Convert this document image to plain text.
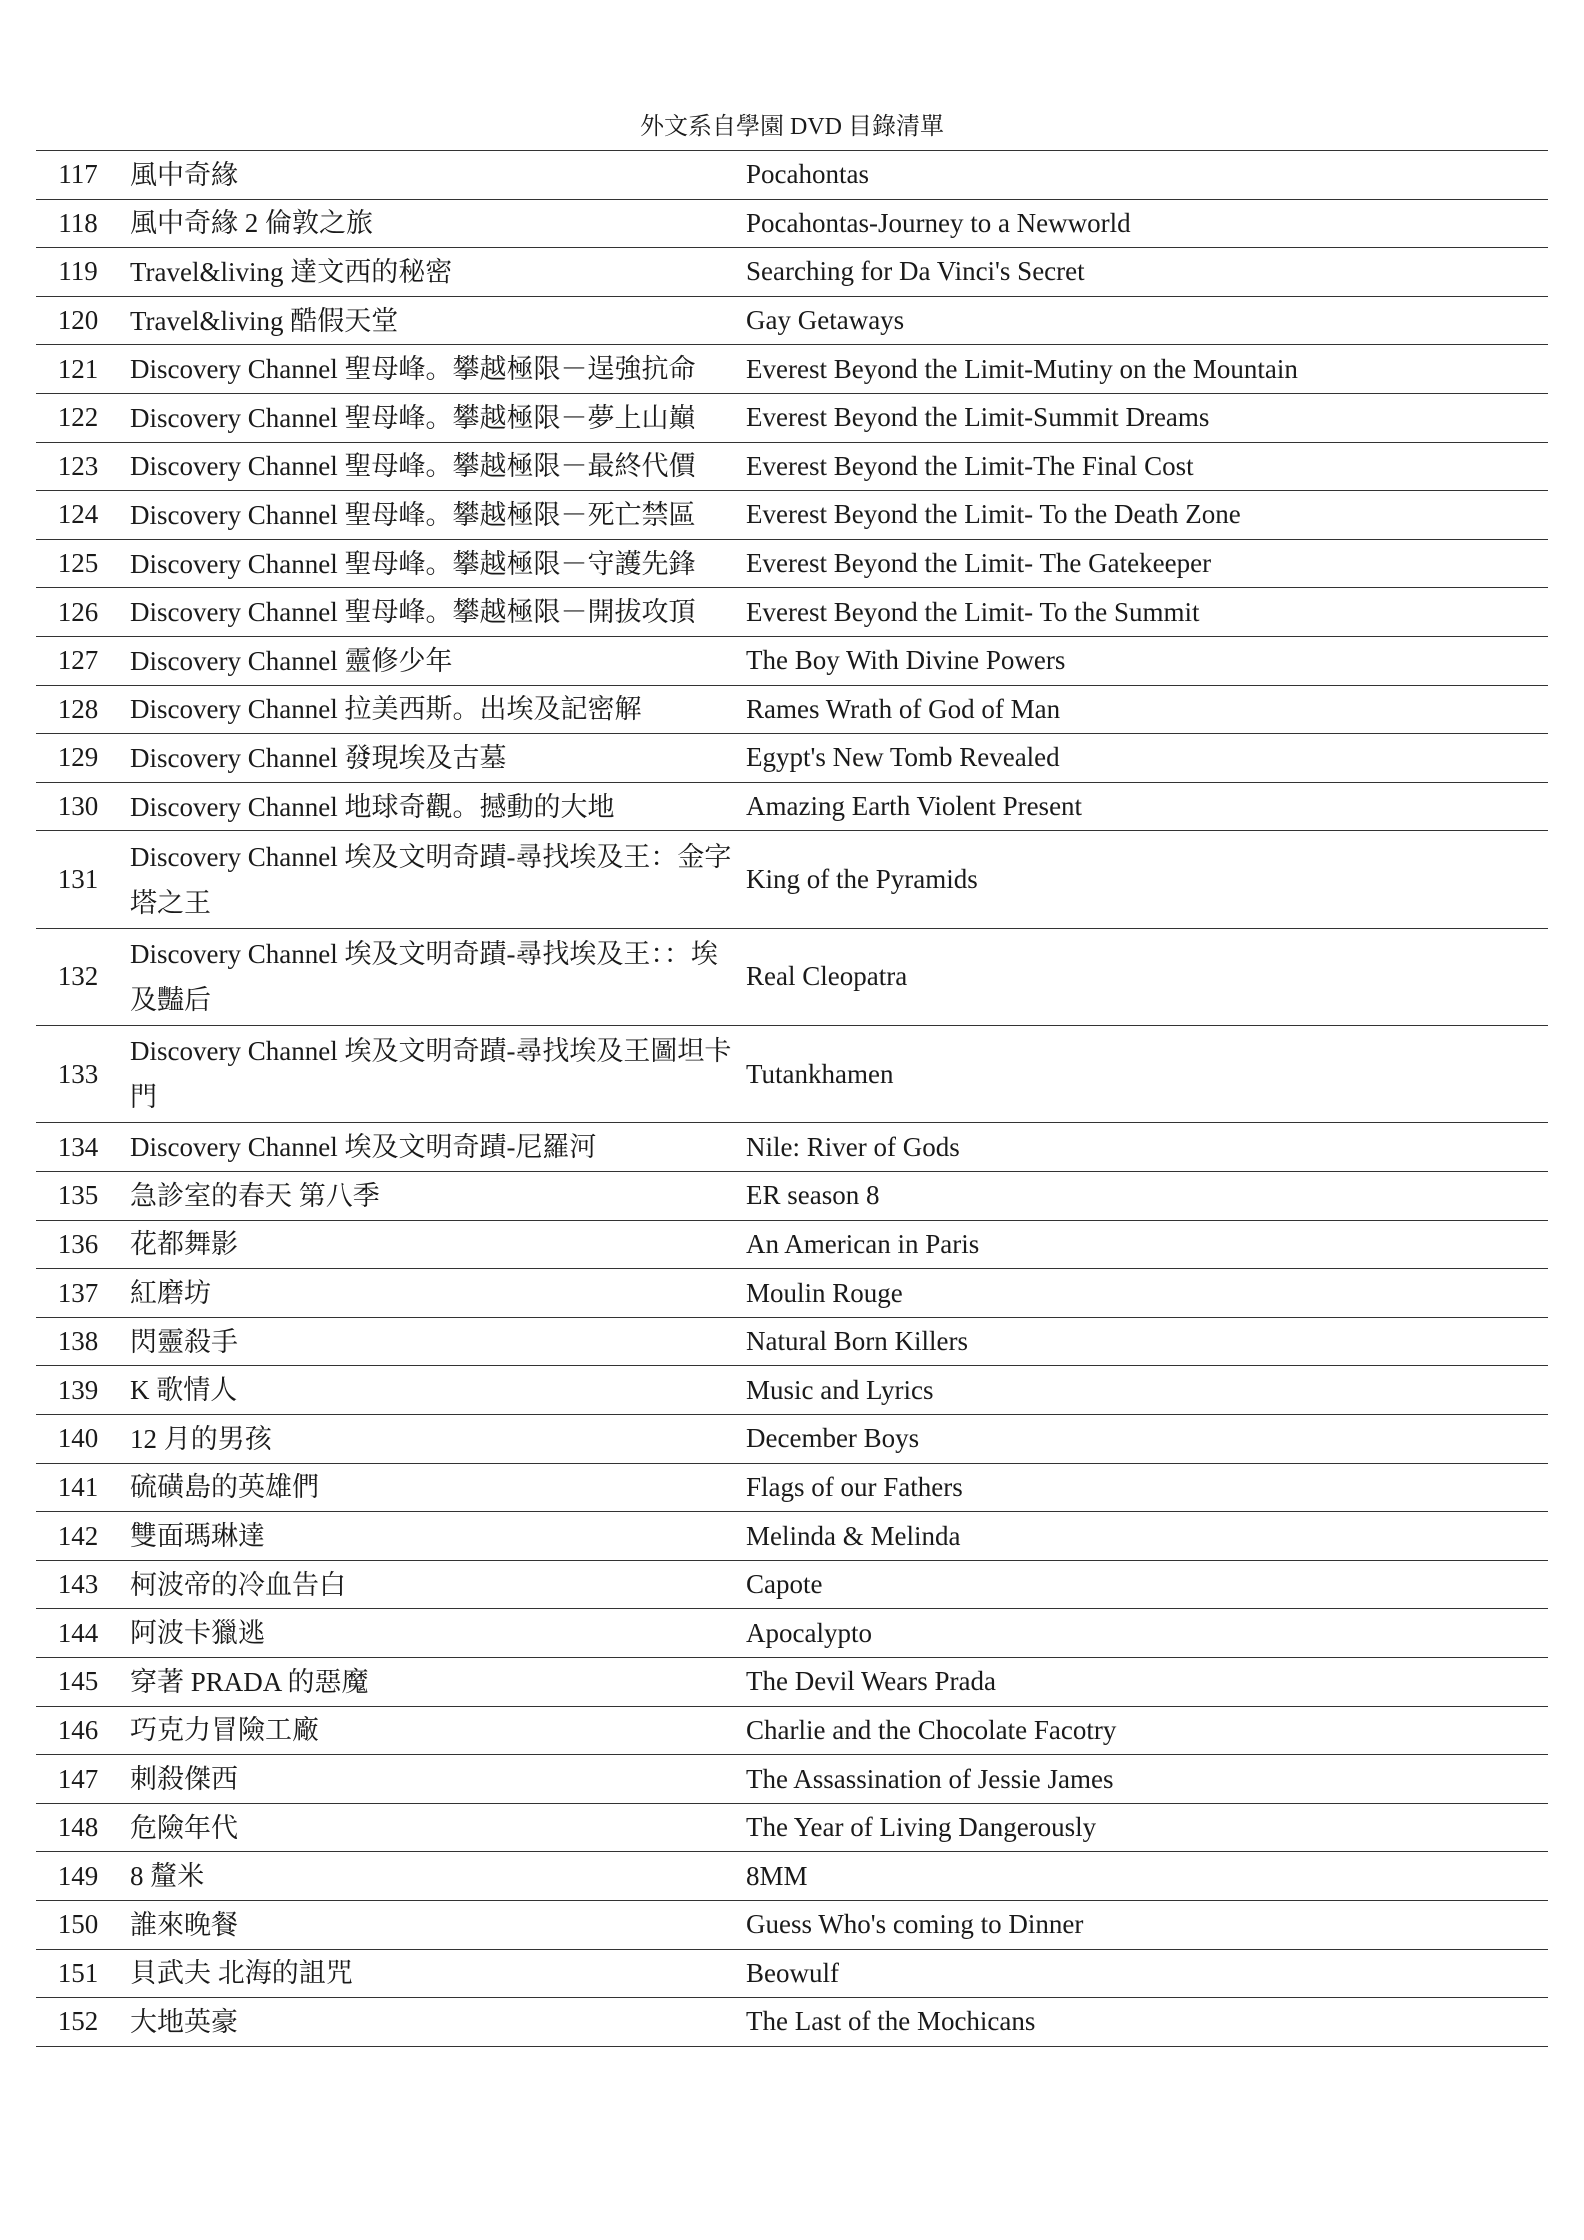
外文系自學園 DVD 目錄清單
117	風中奇緣	Pocahontas
118	風中奇緣 2 倫敦之旅	Pocahontas-Journey to a Newworld
119	Travel&living 達文西的秘密	Searching for Da Vinci's Secret
120	Travel&living 酷假天堂	Gay Getaways
121	Discovery Channel 聖母峰。攀越極限－逞強抗命	Everest Beyond the Limit-Mutiny on the Mountain
122	Discovery Channel 聖母峰。攀越極限－夢上山巔	Everest Beyond the Limit-Summit Dreams
123	Discovery Channel 聖母峰。攀越極限－最終代價	Everest Beyond the Limit-The Final Cost
124	Discovery Channel 聖母峰。攀越極限－死亡禁區	Everest Beyond the Limit- To the Death Zone
125	Discovery Channel 聖母峰。攀越極限－守護先鋒	Everest Beyond the Limit- The Gatekeeper
126	Discovery Channel 聖母峰。攀越極限－開拔攻頂	Everest Beyond the Limit- To the Summit
127	Discovery Channel 靈修少年	The Boy With Divine Powers
128	Discovery Channel 拉美西斯。出埃及記密解	Rames Wrath of God of Man
129	Discovery Channel 發現埃及古墓	Egypt's New Tomb Revealed
130	Discovery Channel 地球奇觀。撼動的大地	Amazing Earth Violent Present
131	Discovery Channel 埃及文明奇蹟-尋找埃及王：金字塔之王	King of the Pyramids
132	Discovery Channel 埃及文明奇蹟-尋找埃及王：：埃及豔后	Real Cleopatra
133	Discovery Channel 埃及文明奇蹟-尋找埃及王圖坦卡門	Tutankhamen
134	Discovery Channel 埃及文明奇蹟-尼羅河	Nile: River of Gods
135	急診室的春天 第八季	ER season 8
136	花都舞影	An American in Paris
137	紅磨坊	Moulin Rouge
138	閃靈殺手	Natural Born Killers
139	K 歌情人	Music and Lyrics
140	12 月的男孩	December Boys
141	硫磺島的英雄們	Flags of our Fathers
142	雙面瑪琳達	Melinda & Melinda
143	柯波帝的冷血告白	Capote
144	阿波卡獵逃	Apocalypto
145	穿著 PRADA 的惡魔	The Devil Wears Prada
146	巧克力冒險工廠	Charlie and the Chocolate Facotry
147	刺殺傑西	The Assassination of Jessie James
148	危險年代	The Year of Living Dangerously
149	8 釐米	8MM
150	誰來晚餐	Guess Who's coming to Dinner
151	貝武夫 北海的詛咒	Beowulf
152	大地英豪	The Last of the Mochicans
